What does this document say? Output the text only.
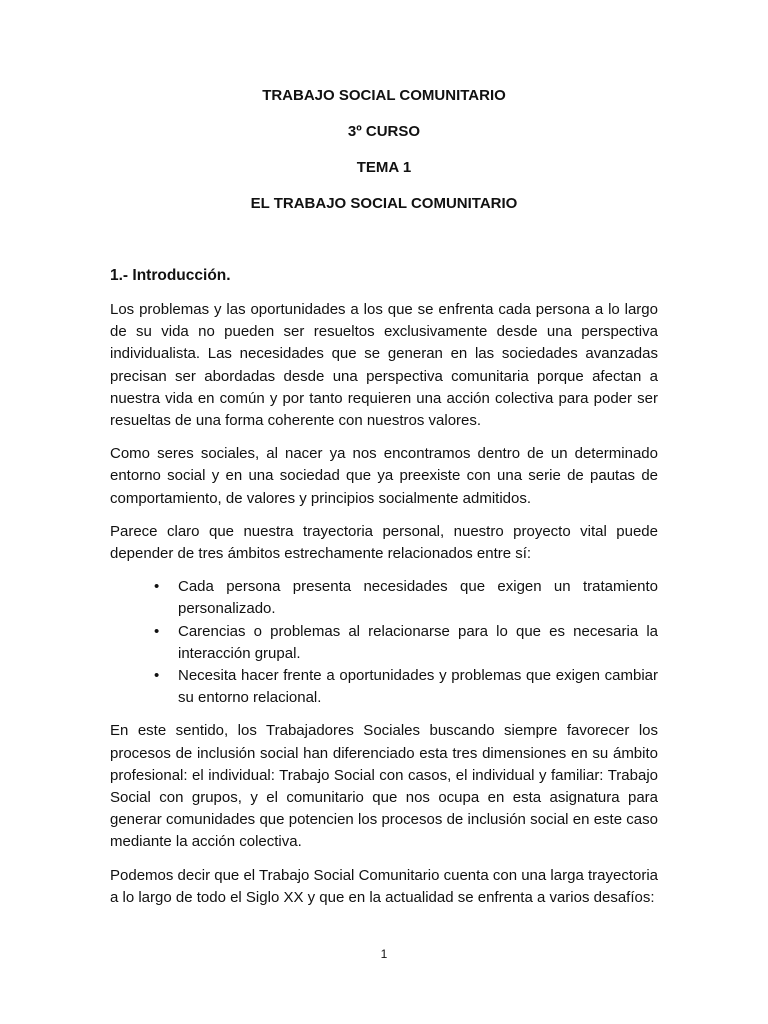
TRABAJO SOCIAL COMUNITARIO
3º CURSO
TEMA 1
EL TRABAJO SOCIAL COMUNITARIO
1.- Introducción.

Los problemas y las oportunidades a los que se enfrenta cada persona a lo largo de su vida no pueden ser resueltos exclusivamente desde una perspectiva individualista. Las necesidades que se generan en las sociedades avanzadas precisan ser abordadas desde una perspectiva comunitaria porque afectan a nuestra vida en común y por tanto requieren una acción colectiva para poder ser resueltas de una forma coherente con nuestros valores.

Como seres sociales, al nacer ya nos encontramos dentro de un determinado entorno social y en una sociedad que ya preexiste con una serie de pautas de comportamiento, de valores y principios socialmente admitidos.

Parece claro que nuestra trayectoria personal, nuestro proyecto vital puede depender de tres ámbitos estrechamente relacionados entre sí:

• Cada persona presenta necesidades que exigen un tratamiento personalizado.
• Carencias o problemas al relacionarse para lo que es necesaria la interacción grupal.
• Necesita hacer frente a oportunidades y problemas que exigen cambiar su entorno relacional.

En este sentido, los Trabajadores Sociales buscando siempre favorecer los procesos de inclusión social han diferenciado esta tres dimensiones en su ámbito profesional: el individual: Trabajo Social con casos, el individual y familiar: Trabajo Social con grupos, y el comunitario que nos ocupa en esta asignatura para generar comunidades que potencien los procesos de inclusión social en este caso mediante la acción colectiva.

Podemos decir que el Trabajo Social Comunitario cuenta con una larga trayectoria a lo largo de todo el Siglo XX y que en la actualidad se enfrenta a varios desafíos:

1
